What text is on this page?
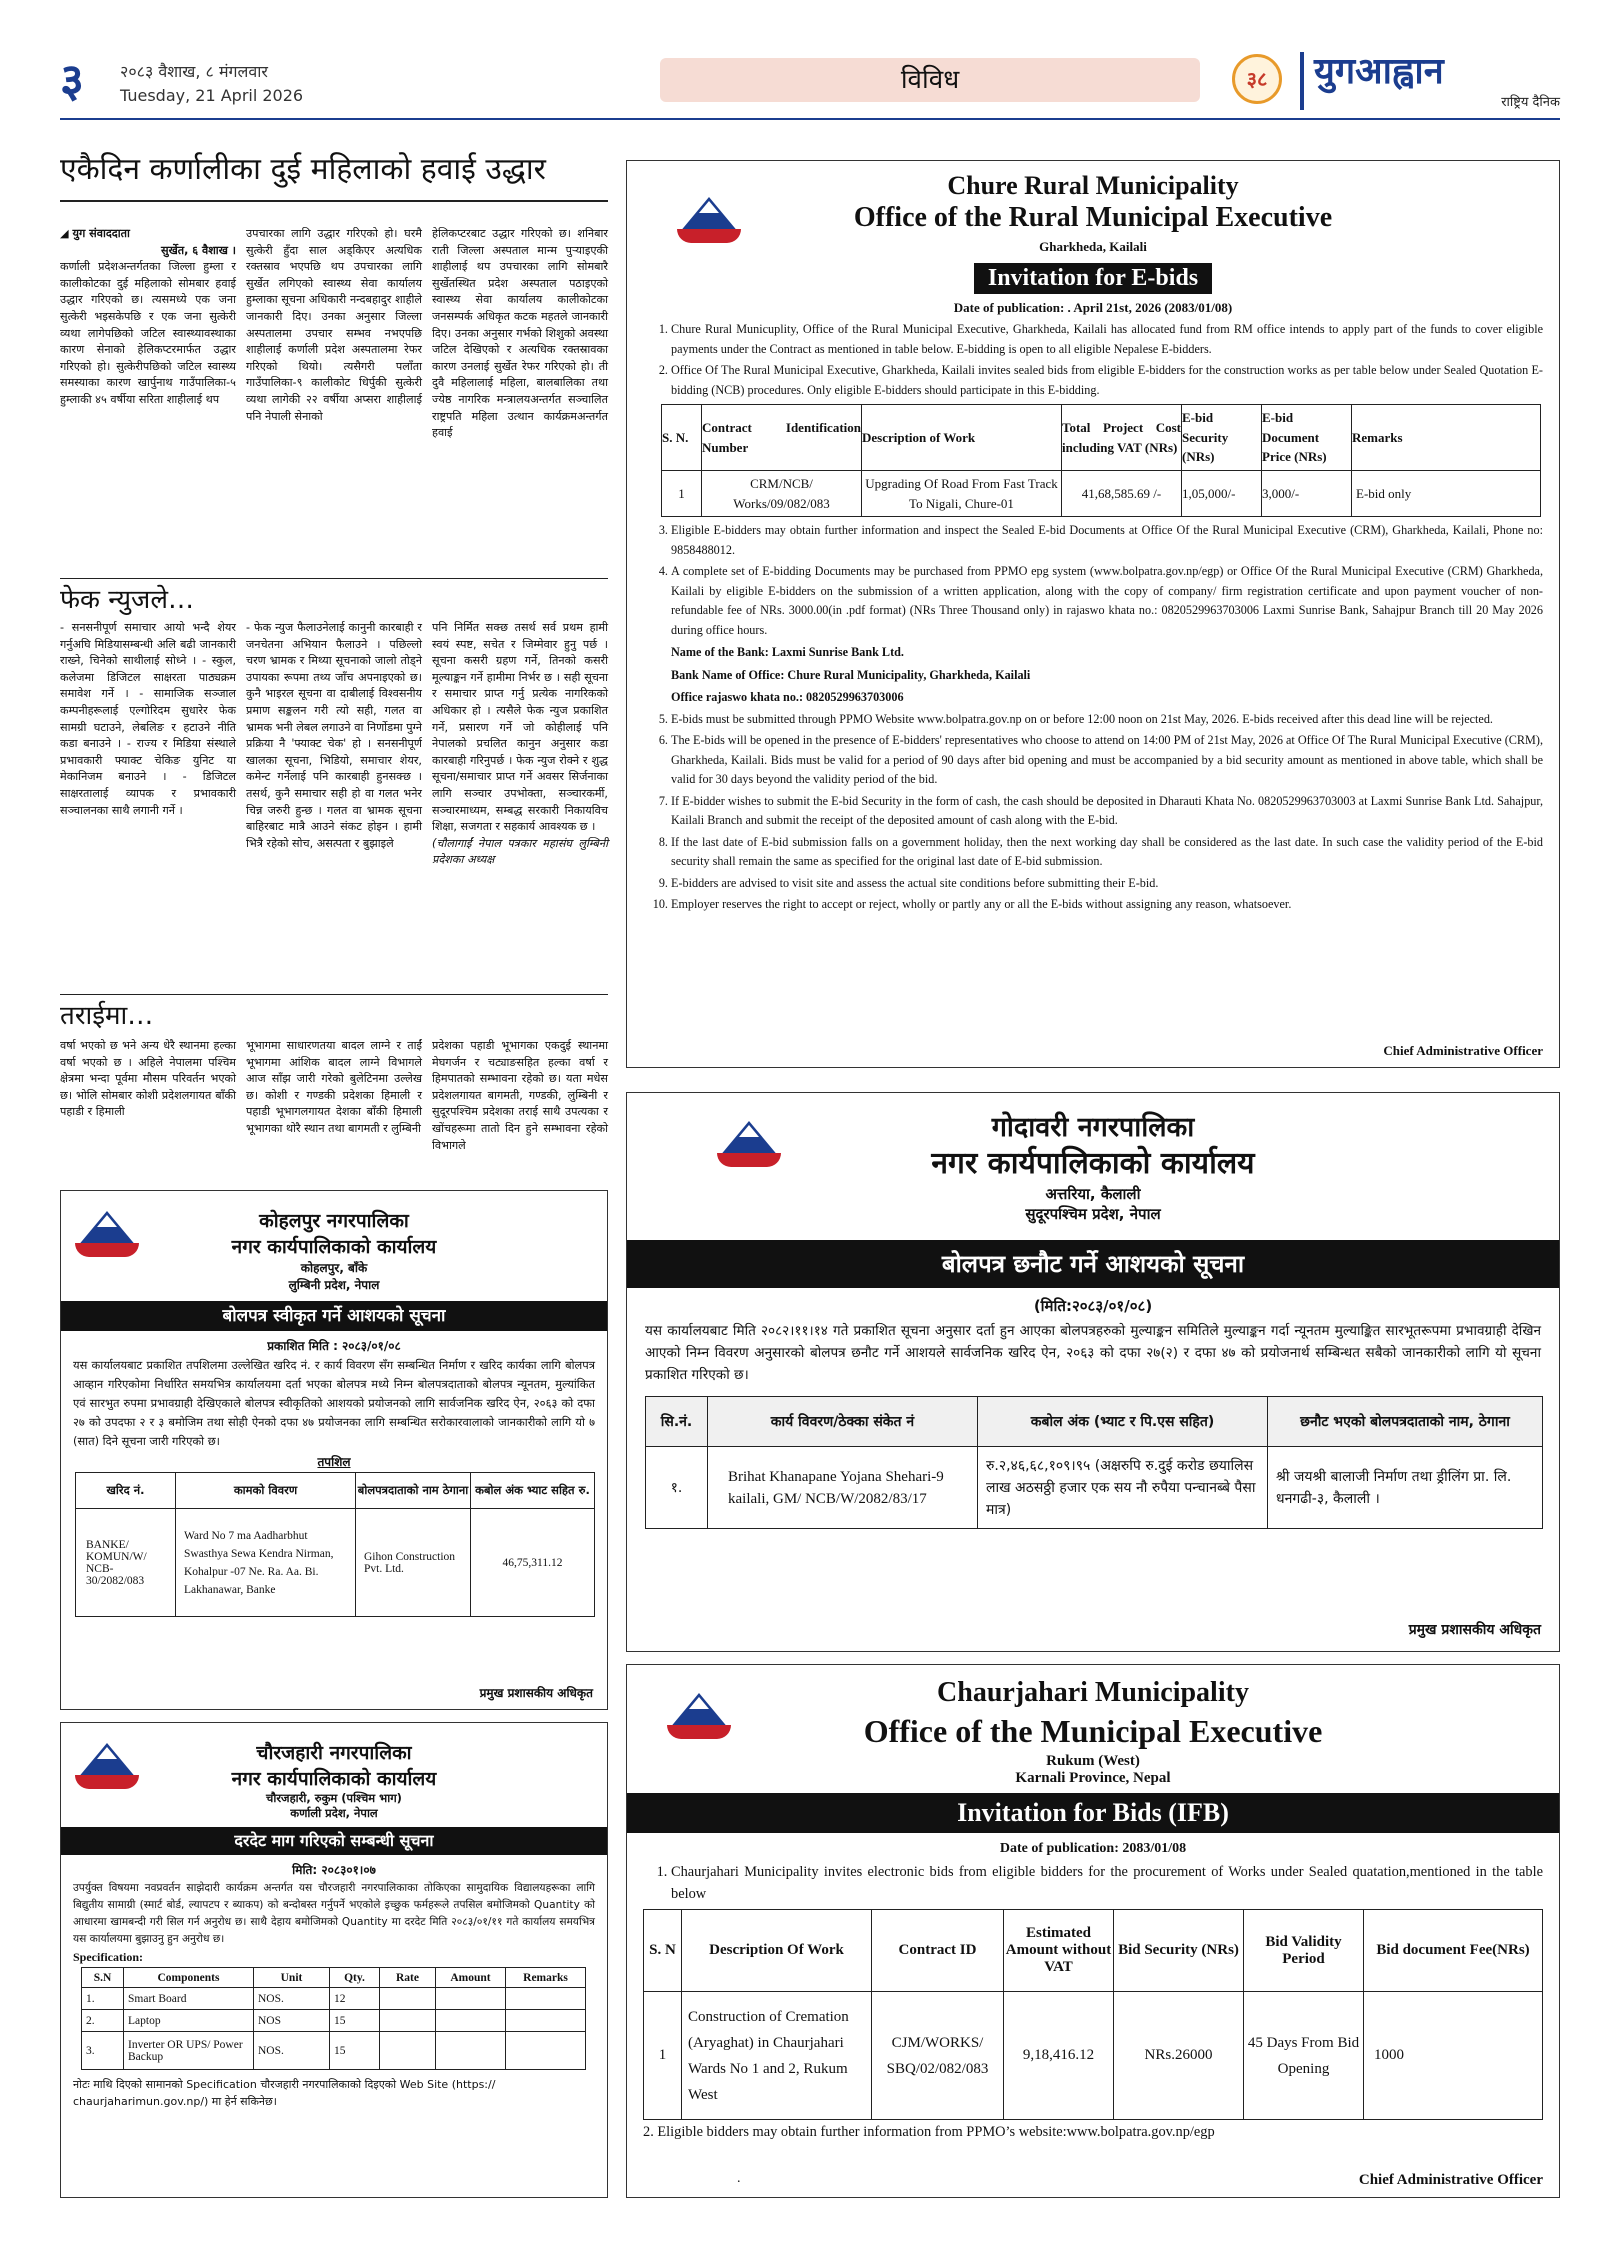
३ २०८३ वैशाख, ८ मंगलवार
Tuesday, 21 April 2026
विविध	३८	युगआह्वान
राष्ट्रिय दैनिक
एकैदिन कर्णालीका दुई महिलाको हवाई उद्धार
◢ युग संवाददाता
सुर्खेत, ६ वैशाख ।
कर्णाली प्रदेशअन्तर्गतका जिल्ला हुम्ला र कालीकोटका दुई महिलाको सोमबार हवाई उद्धार गरिएको छ। त्यसमध्ये एक जना सुत्केरी भइसकेपछि र एक जना सुत्केरी व्यथा लागेपछिको जटिल स्वास्थ्यावस्थाका कारण सेनाको हेलिकप्टरमार्फत उद्धार गरिएको हो। सुत्केरीपछिको जटिल स्वास्थ्य समस्याका कारण खार्पुनाथ गाउँपालिका-५ हुम्लाकी ४५ वर्षीया सरिता शाहीलाई थप
उपचारका लागि उद्धार गरिएको हो। घरमै सुत्केरी हुँदा साल अड्किएर अत्यधिक रक्तस्राव भएपछि थप उपचारका लागि सुर्खेत लगिएको स्वास्थ्य सेवा कार्यालय हुम्लाका सूचना अधिकारी नन्दबहादुर शाहीले जानकारी दिए। उनका अनुसार जिल्ला अस्पतालमा उपचार सम्भव नभएपछि शाहीलाई कर्णाली प्रदेश अस्पतालमा रेफर गरिएको थियो। त्यसैगरी पलाँता गाउँपालिका-९ कालीकोट धिर्पुकी सुत्केरी व्यथा लागेकी २२ वर्षीया अप्सरा शाहीलाई पनि नेपाली सेनाको
हेलिकप्टरबाट उद्धार गरिएको छ। शनिबार राती जिल्ला अस्पताल मान्म पुऱ्याइएकी शाहीलाई थप उपचारका लागि सोमबारै सुर्खेतस्थित प्रदेश अस्पताल पठाइएको स्वास्थ्य सेवा कार्यालय कालीकोटका जनसम्पर्क अधिकृत कटक महतले जानकारी दिए। उनका अनुसार गर्भको शिशुको अवस्था जटिल देखिएको र अत्यधिक रक्तस्रावका कारण उनलाई सुर्खेत रेफर गरिएको हो। ती दुवै महिलालाई महिला, बालबालिका तथा ज्येष्ठ नागरिक मन्त्रालयअन्तर्गत सञ्चालित राष्ट्रपति महिला उत्थान कार्यक्रमअन्तर्गत हवाई
फेक न्युजले…
- सनसनीपूर्ण समाचार आयो भन्दै शेयर गर्नुअघि मिडियासम्बन्धी अलि बढी जानकारी राख्ने, चिनेको साथीलाई सोध्ने । - स्कुल, कलेजमा डिजिटल साक्षरता पाठ्यक्रम समावेश गर्ने । - सामाजिक सञ्जाल कम्पनीहरूलाई एल्गोरिदम सुधारेर फेक सामग्री घटाउने, लेबलिङ र हटाउने नीति कडा बनाउने । - राज्य र मिडिया संस्थाले प्रभावकारी फ्याक्ट चेकिङ युनिट या मेकानिजम बनाउने । - डिजिटल साक्षरतालाई व्यापक र प्रभावकारी सञ्चालनका साथै लगानी गर्ने ।
- फेक न्युज फैलाउनेलाई कानुनी कारबाही र जनचेतना अभियान फैलाउने । पछिल्लो चरण भ्रामक र मिथ्या सूचनाको जालो तोड्ने उपायका रूपमा तथ्य जाँच अपनाइएको छ। कुनै भाइरल सूचना वा दाबीलाई विश्वसनीय प्रमाण सङ्कलन गरी त्यो सही, गलत वा भ्रामक भनी लेबल लगाउने वा निर्णोडमा पुग्ने प्रक्रिया नै 'फ्याक्ट चेक' हो । सनसनीपूर्ण खालका सूचना, भिडियो, समाचार शेयर, कमेन्ट गर्नेलाई पनि कारबाही हुनसक्छ । तसर्थ, कुनै समाचार सही हो वा गलत भनेर चिन्न जरुरी हुन्छ । गलत वा भ्रामक सूचना बाहिरबाट मात्रै आउने संकट होइन । हामी भित्रै रहेको सोच, असत्पता र बुझाइले
पनि निर्मित सक्छ तसर्थ सर्व प्रथम हामी स्वयं स्पष्ट, सचेत र जिम्मेवार हुनु पर्छ । सूचना कसरी ग्रहण गर्ने, तिनको कसरी मूल्याङ्कन गर्ने हामीमा निर्भर छ । सही सूचना र समाचार प्राप्त गर्नु प्रत्येक नागरिकको अधिकार हो । त्यसैले फेक न्युज प्रकाशित गर्ने, प्रसारण गर्ने जो कोहीलाई पनि नेपालको प्रचलित कानुन अनुसार कडा कारबाही गरिनुपर्छ । फेक न्युज रोक्ने र शुद्ध सूचना/समाचार प्राप्त गर्ने अवसर सिर्जनाका लागि सञ्चार उपभोक्ता, सञ्चारकर्मी, सञ्चारमाध्यम, सम्बद्ध सरकारी निकायविच शिक्षा, सजगता र सहकार्य आवश्यक छ ।
(चौलागाईं नेपाल पत्रकार महासंघ लुम्बिनी प्रदेशका अध्यक्ष
तराईमा…
वर्षा भएको छ भने अन्य धेरै स्थानमा हल्का वर्षा भएको छ । अहिले नेपालमा पश्चिम क्षेत्रमा भन्दा पूर्वमा मौसम परिवर्तन भएको छ। भोलि सोमबार कोशी प्रदेशलगायत बाँकी पहाडी र हिमाली
भूभागमा साधारणतया बादल लाग्ने र ताईं भूभागमा आंशिक बादल लाग्ने विभागले आज साँझ जारी गरेको बुलेटिनमा उल्लेख छ। कोशी र गण्डकी प्रदेशका हिमाली र पहाडी भूभागलगायत देशका बाँकी हिमाली भूभागका थोरै स्थान तथा बागमती र लुम्बिनी
प्रदेशका पहाडी भूभागका एकदुई स्थानमा मेघगर्जन र चट्याङसहित हल्का वर्षा र हिमपातको सम्भावना रहेको छ। यता मधेस प्रदेशलगायत बागमती, गण्डकी, लुम्बिनी र सुदूरपश्चिम प्रदेशका तराई साथै उपत्यका र खोंचहरूमा तातो दिन हुने सम्भावना रहेको विभागले
कोहलपुर नगरपालिका
नगर कार्यपालिकाको कार्यालय
कोहलपुर, बाँके
लुम्बिनी प्रदेश, नेपाल
बोलपत्र स्वीकृत गर्ने आशयको सूचना
प्रकाशित मिति : २०८३/०१/०८
यस कार्यालयबाट प्रकाशित तपशिलमा उल्लेखित खरिद नं. र कार्य विवरण सँग सम्बन्धित निर्माण र खरिद कार्यका लागि बोलपत्र आव्हान गरिएकोमा निर्धारित समयभित्र कार्यालयमा दर्ता भएका बोलपत्र मध्ये निम्न बोलपत्रदाताको बोलपत्र न्यूनतम, मुल्यांकित एवं सारभुत रुपमा प्रभावग्राही देखिएकाले बोलपत्र स्वीकृतिको आशयको प्रयोजनको लागि सार्वजनिक खरिद ऐन, २०६३ को दफा २७ को उपदफा २ र ३ बमोजिम तथा सोही ऐनको दफा ४७ प्रयोजनका लागि सम्बन्धित सरोकारवालाको जानकारीको लागि यो ७ (सात) दिने सूचना जारी गरिएको छ।
तपशिल
खरिद नं.	कामको विवरण	बोलपत्रदाताको नाम ठेगाना	कबोल अंक भ्याट सहित रु.
BANKE/ KOMUN/W/ NCB- 30/2082/083	Ward No 7 ma Aadharbhut Swasthya Sewa Kendra Nirman, Kohalpur -07 Ne. Ra. Aa. Bi. Lakhanawar, Banke	Gihon Construction Pvt. Ltd.	46,75,311.12
प्रमुख प्रशासकीय अधिकृत
चौरजहारी नगरपालिका
नगर कार्यपालिकाको कार्यालय
चौरजहारी, रुकुम (पश्चिम भाग)
कर्णाली प्रदेश, नेपाल
दरदेट माग गरिएको सम्बन्धी सूचना
मिति: २०८३०१।०७
उपर्युक्त विषयमा नवप्रवर्तन साझेदारी कार्यक्रम अन्तर्गत यस चौरजहारी नगरपालिकाका तोकिएका सामुदायिक विद्यालयहरूका लागि बिद्युतीय सामाग्री (स्मार्ट बोर्ड, ल्यापटप र ब्याकप) को बन्दोबस्त गर्नुपर्ने भएकोले इच्छुक फर्महरूले तपसिल बमोजिमको Quantity को आधारमा खामबन्दी गरी सिल गर्न अनुरोध छ। साथै देहाय बमोजिमको Quantity मा दरदेट मिति २०८३/०१/११ गते कार्यालय समयभित्र यस कार्यालयमा बुझाउनु हुन अनुरोध छ।
Specification:
S.N	Components	Unit	Qty.	Rate	Amount	Remarks
1.	Smart Board	NOS.	12			
2.	Laptop	NOS	15			
3.	Inverter OR UPS/ Power Backup	NOS.	15			
नोटः माथि दिएको सामानको Specification चौरजहारी नगरपालिकाको दिइएको Web Site (https:// chaurjaharimun.gov.np/) मा हेर्न सकिनेछ।
Chure Rural Municipality
Office of the Rural Municipal Executive
Gharkheda, Kailali
Invitation for E-bids
Date of publication: . April 21st, 2026 (2083/01/08)
1. Chure Rural Municuplity, Office of the Rural Municipal Executive, Gharkheda, Kailali has allocated fund from RM office intends to apply part of the funds to cover eligible payments under the Contract as mentioned in table below. E-bidding is open to all eligible Nepalese E-bidders.
2. Office Of The Rural Municipal Executive, Gharkheda, Kailali invites sealed bids from eligible E-bidders for the construction works as per table below under Sealed Quotation E-bidding (NCB) procedures. Only eligible E-bidders should participate in this E-bidding.
S. N.	Contract Identification Number	Description of Work	Total Project Cost including VAT (NRs)	E-bid Security (NRs)	E-bid Document Price (NRs)	Remarks
1	CRM/NCB/ Works/09/082/083	Upgrading Of Road From Fast Track To Nigali, Chure-01	41,68,585.69 /-	1,05,000/-	3,000/-	E-bid only
3. Eligible E-bidders may obtain further information and inspect the Sealed E-bid Documents at Office Of the Rural Municipal Executive (CRM), Gharkheda, Kailali, Phone no: 9858488012.
4. A complete set of E-bidding Documents may be purchased from PPMO epg system (www.bolpatra.gov.np/egp) or Office Of the Rural Municipal Executive (CRM) Gharkheda, Kailali by eligible E-bidders on the submission of a written application, along with the copy of company/ firm registration certificate and upon payment voucher of non-refundable fee of NRs. 3000.00(in .pdf format) (NRs Three Thousand only) in rajaswo khata no.: 0820529963703006 Laxmi Sunrise Bank, Sahajpur Branch till 20 May 2026 during office hours.
Name of the Bank: Laxmi Sunrise Bank Ltd.
Bank Name of Office: Chure Rural Municipality, Gharkheda, Kailali
Office rajaswo khata no.: 0820529963703006
5. E-bids must be submitted through PPMO Website www.bolpatra.gov.np on or before 12:00 noon on 21st May, 2026. E-bids received after this dead line will be rejected.
6. The E-bids will be opened in the presence of E-bidders' representatives who choose to attend on 14:00 PM of 21st May, 2026 at Office Of The Rural Municipal Executive (CRM), Gharkheda, Kailali. Bids must be valid for a period of 90 days after bid opening and must be accompanied by a bid security amount as mentioned in above table, which shall be valid for 30 days beyond the validity period of the bid.
7. If E-bidder wishes to submit the E-bid Security in the form of cash, the cash should be deposited in Dharauti Khata No. 0820529963703003 at Laxmi Sunrise Bank Ltd. Sahajpur, Kailali Branch and submit the receipt of the deposited amount of cash along with the E-bid.
8. If the last date of E-bid submission falls on a government holiday, then the next working day shall be considered as the last date. In such case the validity period of the E-bid security shall remain the same as specified for the original last date of E-bid submission.
9. E-bidders are advised to visit site and assess the actual site conditions before submitting their E-bid.
10. Employer reserves the right to accept or reject, wholly or partly any or all the E-bids without assigning any reason, whatsoever.
Chief Administrative Officer
गोदावरी नगरपालिका
नगर कार्यपालिकाको कार्यालय
अत्तरिया, कैलाली
सुदूरपश्चिम प्रदेश, नेपाल
बोलपत्र छनौट गर्ने आशयको सूचना
(मिति:२०८३/०१/०८)
यस कार्यालयबाट मिति २०८२।११।१४ गते प्रकाशित सूचना अनुसार दर्ता हुन आएका बोलपत्रहरुको मुल्याङ्कन समितिले मुल्याङ्कन गर्दा न्यूनतम मुल्याङ्कित सारभूतरूपमा प्रभावग्राही देखिन आएको निम्न विवरण अनुसारको बोलपत्र छनौट गर्ने आशयले सार्वजनिक खरिद ऐन, २०६३ को दफा २७(२) र दफा ४७ को प्रयोजनार्थ सम्बिन्धत सबैको जानकारीको लागि यो सूचना प्रकाशित गरिएको छ।
सि.नं.	कार्य विवरण/ठेक्का संकेत नं	कबोल अंक (भ्याट र पि.एस सहित)	छनौट भएको बोलपत्रदाताको नाम, ठेगाना
१.	Brihat Khanapane Yojana Shehari-9 kailali, GM/ NCB/W/2082/83/17	रु.२,४६,६८,१०९।९५ (अक्षरुपि रु.दुई करोड छयालिस लाख अठसठ्ठी हजार एक सय नौ रुपैया पन्चानब्बे पैसा मात्र)	श्री जयश्री बालाजी निर्माण तथा ड्रीलिंग प्रा. लि. धनगढी-३, कैलाली ।
प्रमुख प्रशासकीय अधिकृत
Chaurjahari Municipality
Office of the Municipal Executive
Rukum (West)
Karnali Province, Nepal
Invitation for Bids (IFB)
Date of publication: 2083/01/08
1. Chaurjahari Municipality invites electronic bids from eligible bidders for the procurement of Works under Sealed quatation,mentioned in the table below
S. N	Description Of Work	Contract ID	Estimated Amount without VAT	Bid Security (NRs)	Bid Validity Period	Bid document Fee(NRs)
1	Construction of Cremation (Aryaghat) in Chaurjahari Wards No 1 and 2, Rukum West	CJM/WORKS/ SBQ/02/082/083	9,18,416.12	NRs.26000	45 Days From Bid Opening	1000
2. Eligible bidders may obtain further information from PPMO’s website:www.bolpatra.gov.np/egp
.	Chief Administrative Officer
